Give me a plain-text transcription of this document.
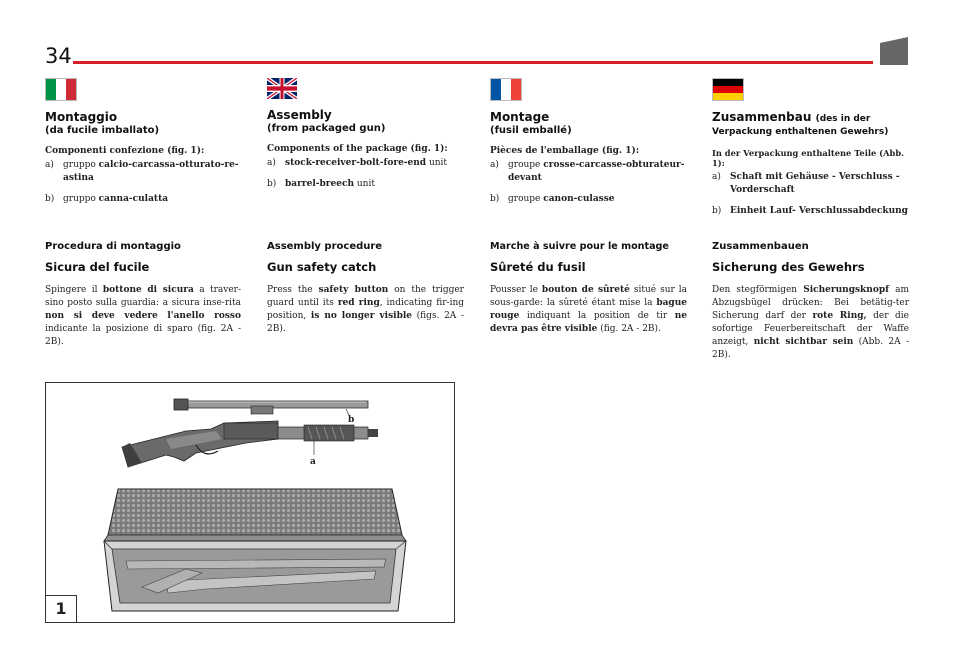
34
Montaggio
(da fucile imballato)
Componenti confezione (fig. 1):
a)	gruppo calcio-carcassa-otturato-re-astina
b) gruppo canna-culatta
Assembly
(from packaged gun)
Components of the package (fig. 1):
a)	stock-receiver-bolt-fore-end unit
b) barrel-breech unit
Montage
(fusil emballé)
Pièces de l'emballage (fig. 1):
a)	groupe crosse-carcasse-obturateur-devant
b) groupe canon-culasse
Zusammenbau (des in der
Verpackung enthaltenen Gewehrs)
In der Verpackung enthaltene Teile (Abb. 1):
a)	Schaft mit Gehäuse - Verschluss - Vorderschaft
b) Einheit Lauf- Verschlussabdeckung
Procedura di montaggio
Sicura del fucile
Spingere il bottone di sicura a traver-sino posto sulla guardia: a sicura inse-rita non si deve vedere l'anello rosso indicante la posizione di sparo (fig. 2A - 2B).
Assembly procedure
Gun safety catch
Press the safety button on the trigger guard until its red ring, indicating fir-ing position, is no longer visible (figs. 2A - 2B).
Marche à suivre pour le montage
Sûreté du fusil
Pousser le bouton de sûreté situé sur la sous-garde: la sûreté étant mise la bague rouge indiquant la position de tir ne devra pas être visible (fig. 2A - 2B).
Zusammenbauen
Sicherung des Gewehrs
Den stegförmigen Sicherungsknopf am Abzugsbügel drücken: Bei betätig-ter Sicherung darf der rote Ring, der die sofortige Feuerbereitschaft der Waffe anzeigt, nicht sichtbar sein (Abb. 2A - 2B).
b
a
1
